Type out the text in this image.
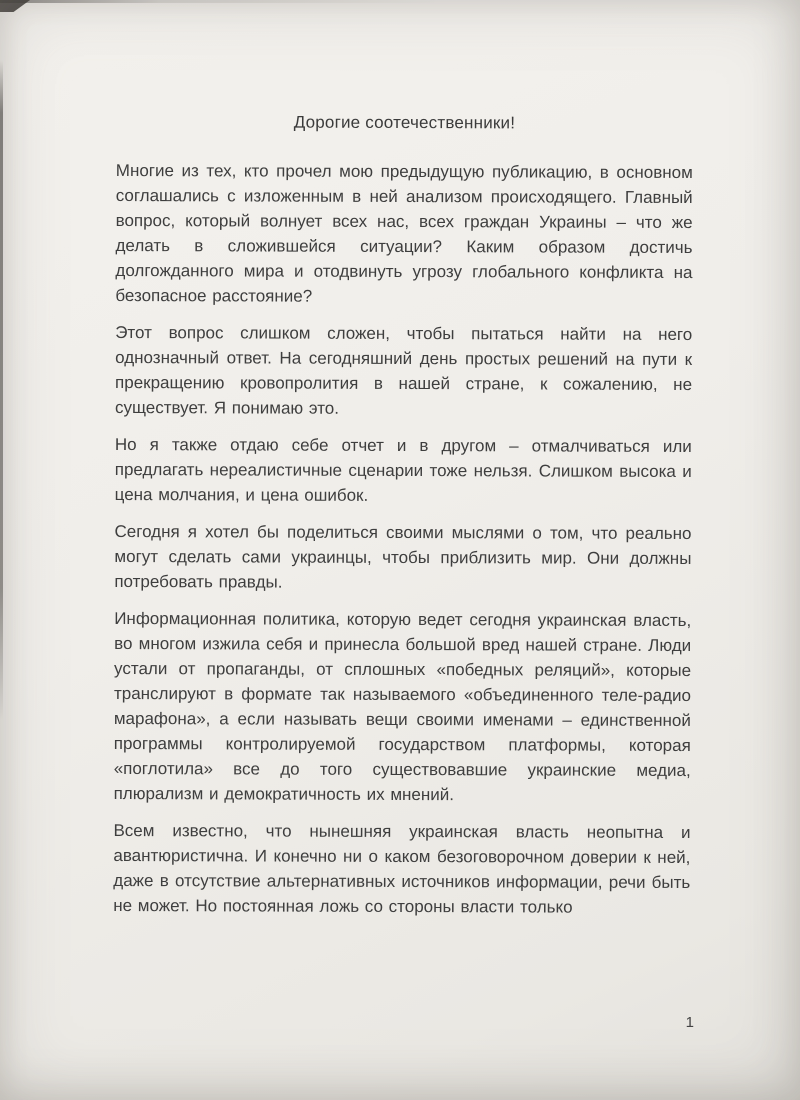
Дорогие соотечественники!

Многие из тех, кто прочел мою предыдущую публикацию, в основном соглашались с изложенным в ней анализом происходящего. Главный вопрос, который волнует всех нас, всех граждан Украины – что же делать в сложившейся ситуации? Каким образом достичь долгожданного мира и отодвинуть угрозу глобального конфликта на безопасное расстояние?

Этот вопрос слишком сложен, чтобы пытаться найти на него однозначный ответ. На сегодняшний день простых решений на пути к прекращению кровопролития в нашей стране, к сожалению, не существует. Я понимаю это.

Но я также отдаю себе отчет и в другом – отмалчиваться или предлагать нереалистичные сценарии тоже нельзя. Слишком высока и цена молчания, и цена ошибок.

Сегодня я хотел бы поделиться своими мыслями о том, что реально могут сделать сами украинцы, чтобы приблизить мир. Они должны потребовать правды.

Информационная политика, которую ведет сегодня украинская власть, во многом изжила себя и принесла большой вред нашей стране. Люди устали от пропаганды, от сплошных «победных реляций», которые транслируют в формате так называемого «объединенного теле-радио марафона», а если называть вещи своими именами – единственной программы контролируемой государством платформы, которая «поглотила» все до того существовавшие украинские медиа, плюрализм и демократичность их мнений.

Всем известно, что нынешняя украинская власть неопытна и авантюристична. И конечно ни о каком безоговорочном доверии к ней, даже в отсутствие альтернативных источников информации, речи быть не может. Но постоянная ложь со стороны власти только

1
